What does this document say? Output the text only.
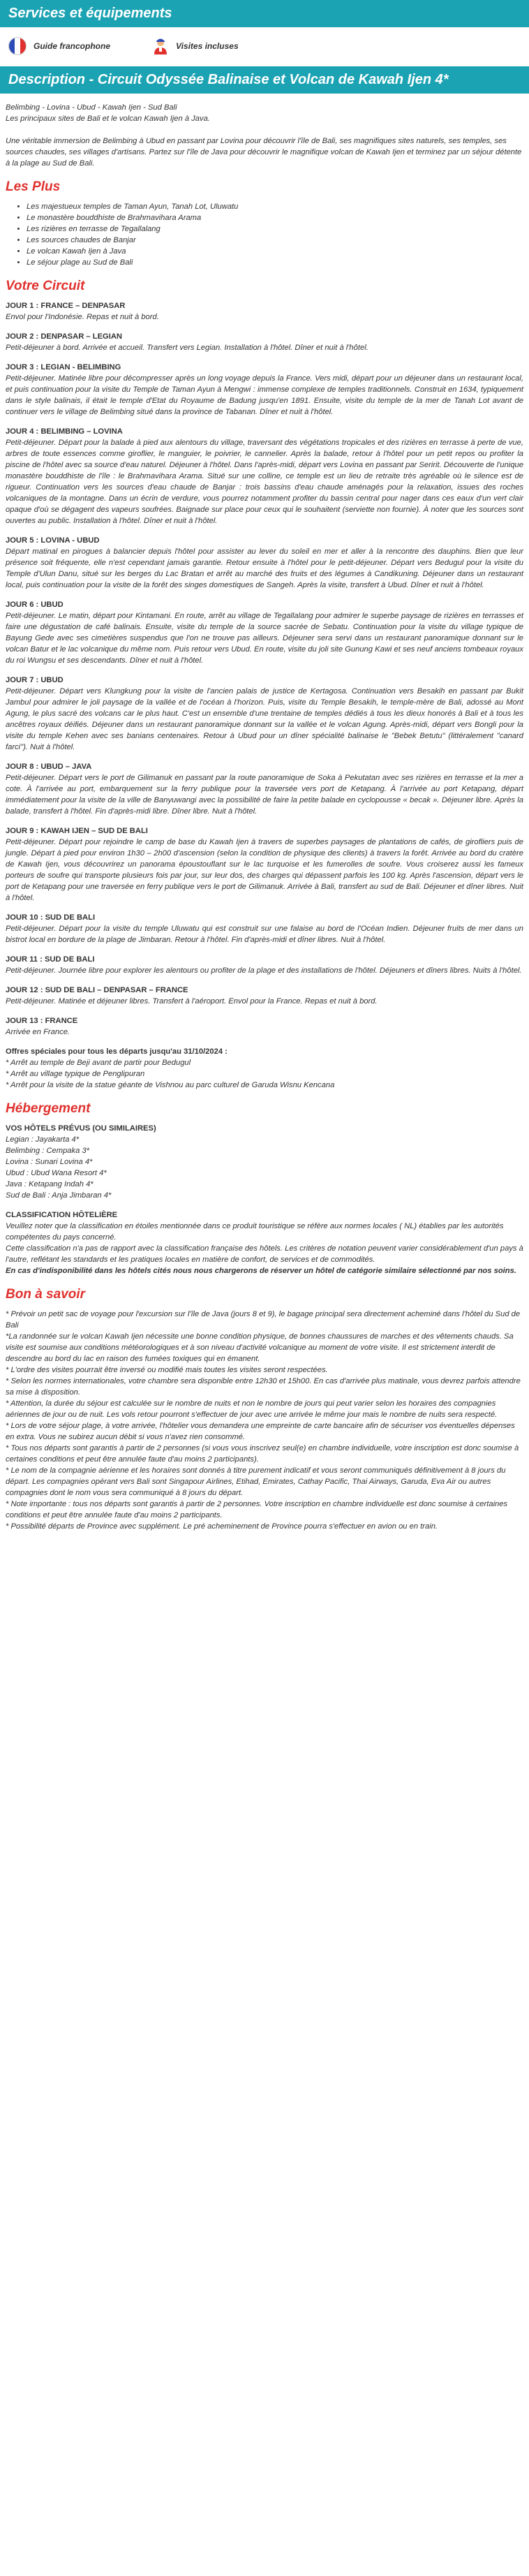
Services et équipements
Guide francophone	Visites incluses
Description - Circuit Odyssée Balinaise et Volcan de Kawah Ijen 4*

Belimbing - Lovina - Ubud - Kawah Ijen - Sud Bali

Les principaux sites de Bali et le volcan Kawah Ijen à Java.

Une véritable immersion de Belimbing à Ubud en passant par Lovina pour découvrir l'île de Bali, ses magnifiques sites naturels, ses temples, ses sources chaudes, ses villages d'artisans. Partez sur l'île de Java pour découvrir le magnifique volcan de Kawah Ijen et terminez par un séjour détente à la plage au Sud de Bali.

Les Plus
• Les majestueux temples de Taman Ayun, Tanah Lot, Uluwatu
• Le monastère bouddhiste de Brahmavihara Arama
• Les rizières en terrasse de Tegallalang
• Les sources chaudes de Banjar
• Le volcan Kawah Ijen à Java
• Le séjour plage au Sud de Bali
Votre Circuit
JOUR 1 : FRANCE – DENPASAR
Envol pour l'Indonésie. Repas et nuit à bord.
JOUR 2 : DENPASAR – LEGIAN
Petit-déjeuner à bord. Arrivée et accueil. Transfert vers Legian. Installation à l'hôtel. Dîner et nuit à l'hôtel.
JOUR 3 : LEGIAN - BELIMBING
Petit-déjeuner. Matinée libre pour décompresser après un long voyage depuis la France. Vers midi, départ pour un déjeuner dans un restaurant local, et puis continuation pour la visite du Temple de Taman Ayun à Mengwi : immense complexe de temples traditionnels. Construit en 1634, typiquement dans le style balinais, il était le temple d'Etat du Royaume de Badung jusqu'en 1891. Ensuite, visite du temple de la mer de Tanah Lot avant de continuer vers le village de Belimbing situé dans la province de Tabanan. Dîner et nuit à l'hôtel.
JOUR 4 : BELIMBING – LOVINA
Petit-déjeuner. Départ pour la balade à pied aux alentours du village, traversant des végétations tropicales et des rizières en terrasse à perte de vue, arbres de toute essences comme giroflier, le manguier, le poivrier, le cannelier. Après la balade, retour à l'hôtel pour un petit repos ou profiter la piscine de l'hôtel avec sa source d'eau naturel. Déjeuner à l'hôtel. Dans l'après-midi, départ vers Lovina en passant par Seririt. Découverte de l'unique monastère bouddhiste de l'île : le Brahmavihara Arama. Situé sur une colline, ce temple est un lieu de retraite très agréable où le silence est de rigueur. Continuation vers les sources d'eau chaude de Banjar : trois bassins d'eau chaude aménagés pour la relaxation, issues des roches volcaniques de la montagne. Dans un écrin de verdure, vous pourrez notamment profiter du bassin central pour nager dans ces eaux d'un vert clair opaque d'où se dégagent des vapeurs soufrées. Baignade sur place pour ceux qui le souhaitent (serviette non fournie). À noter que les sources sont ouvertes au public. Installation à l'hôtel. Dîner et nuit à l'hôtel.
JOUR 5 : LOVINA - UBUD
Départ matinal en pirogues à balancier depuis l'hôtel pour assister au lever du soleil en mer et aller à la rencontre des dauphins. Bien que leur présence soit fréquente, elle n'est cependant jamais garantie. Retour ensuite à l'hôtel pour le petit-déjeuner. Départ vers Bedugul pour la visite du Temple d'Ulun Danu, situé sur les berges du Lac Bratan et arrêt au marché des fruits et des légumes à Candikuning. Déjeuner dans un restaurant local, puis continuation pour la visite de la forêt des singes domestiques de Sangeh. Après la visite, transfert à Ubud. Dîner et nuit à l'hôtel.
JOUR 6 : UBUD
Petit-déjeuner. Le matin, départ pour Kintamani. En route, arrêt au village de Tegallalang pour admirer le superbe paysage de rizières en terrasses et faire une dégustation de café balinais. Ensuite, visite du temple de la source sacrée de Sebatu. Continuation pour la visite du village typique de Bayung Gede avec ses cimetières suspendus que l'on ne trouve pas ailleurs. Déjeuner sera servi dans un restaurant panoramique donnant sur le volcan Batur et le lac volcanique du même nom. Puis retour vers Ubud. En route, visite du joli site Gunung Kawi et ses neuf anciens tombeaux royaux du roi Wungsu et ses descendants. Dîner et nuit à l'hôtel.
JOUR 7 : UBUD
Petit-déjeuner. Départ vers Klungkung pour la visite de l'ancien palais de justice de Kertagosa. Continuation vers Besakih en passant par Bukit Jambul pour admirer le joli paysage de la vallée et de l'océan à l'horizon. Puis, visite du Temple Besakih, le temple-mère de Bali, adossé au Mont Agung, le plus sacré des volcans car le plus haut. C'est un ensemble d'une trentaine de temples dédiés à tous les dieux honorés à Bali et à tous les ancêtres royaux déifiés. Déjeuner dans un restaurant panoramique donnant sur la vallée et le volcan Agung. Après-midi, départ vers Bongli pour la visite du temple Kehen avec ses banians centenaires. Retour à Ubud pour un dîner spécialité balinaise le "Bebek Betutu" (littéralement "canard farci"). Nuit à l'hôtel.
JOUR 8 : UBUD – JAVA
Petit-déjeuner. Départ vers le port de Gilimanuk en passant par la route panoramique de Soka à Pekutatan avec ses rizières en terrasse et la mer a cote. À l'arrivée au port, embarquement sur la ferry publique pour la traversée vers port de Ketapang. À l'arrivée au port Ketapang, départ immédiatement pour la visite de la ville de Banyuwangi avec la possibilité de faire la petite balade en cyclopousse « becak ». Déjeuner libre. Après la balade, transfert à l'hôtel. Fin d'après-midi libre. Dîner libre. Nuit à l'hôtel.
JOUR 9 : KAWAH IJEN – SUD DE BALI
Petit-déjeuner. Départ pour rejoindre le camp de base du Kawah Ijen à travers de superbes paysages de plantations de cafés, de girofliers puis de jungle. Départ à pied pour environ 1h30 – 2h00 d'ascension (selon la condition de physique des clients) à travers la forêt. Arrivée au bord du cratère de Kawah Ijen, vous découvrirez un panorama époustouflant sur le lac turquoise et les fumerolles de soufre. Vous croiserez aussi les fameux porteurs de soufre qui transporte plusieurs fois par jour, sur leur dos, des charges qui dépassent parfois les 100 kg. Après l'ascension, départ vers le port de Ketapang pour une traversée en ferry publique vers le port de Gilimanuk. Arrivée à Bali, transfert au sud de Bali. Déjeuner et dîner libres. Nuit à l'hôtel.
JOUR 10 : SUD DE BALI
Petit-déjeuner. Départ pour la visite du temple Uluwatu qui est construit sur une falaise au bord de l'Océan Indien. Déjeuner fruits de mer dans un bistrot local en bordure de la plage de Jimbaran. Retour à l'hôtel. Fin d'après-midi et dîner libres. Nuit à l'hôtel.
JOUR 11 : SUD DE BALI
Petit-déjeuner. Journée libre pour explorer les alentours ou profiter de la plage et des installations de l'hôtel. Déjeuners et dîners libres. Nuits à l'hôtel.
JOUR 12 : SUD DE BALI – DENPASAR – FRANCE
Petit-déjeuner. Matinée et déjeuner libres. Transfert à l'aéroport. Envol pour la France. Repas et nuit à bord.
JOUR 13 : FRANCE
Arrivée en France.
Offres spéciales pour tous les départs jusqu'au 31/10/2024 :

* Arrêt au temple de Beji avant de partir pour Bedugul

* Arrêt au village typique de Penglipuran

* Arrêt pour la visite de la statue géante de Vishnou au parc culturel de Garuda Wisnu Kencana

Hébergement
VOS HÔTELS PRÉVUS (OU SIMILAIRES)

Legian : Jayakarta 4*

Belimbing : Cempaka 3*

Lovina : Sunari Lovina 4*

Ubud : Ubud Wana Resort 4*

Java : Ketapang Indah 4*

Sud de Bali : Anja Jimbaran 4*

CLASSIFICATION HÔTELIÈRE

Veuillez noter que la classification en étoiles mentionnée dans ce produit touristique se réfère aux normes locales ( NL) établies par les autorités compétentes du pays concerné.

Cette classification n'a pas de rapport avec la classification française des hôtels. Les critères de notation peuvent varier considérablement d'un pays à l'autre, reflétant les standards et les pratiques locales en matière de confort, de services et de commodités.

En cas d'indisponibilité dans les hôtels cités nous nous chargerons de réserver un hôtel de catégorie similaire sélectionné par nos soins.

Bon à savoir

* Prévoir un petit sac de voyage pour l'excursion sur l'île de Java (jours 8 et 9), le bagage principal sera directement acheminé dans l'hôtel du Sud de Bali

*La randonnée sur le volcan Kawah Ijen nécessite une bonne condition physique, de bonnes chaussures de marches et des vêtements chauds. Sa visite est soumise aux conditions météorologiques et à son niveau d'activité volcanique au moment de votre visite. Il est strictement interdit de descendre au bord du lac en raison des fumées toxiques qui en émanent.

* L'ordre des visites pourrait être inversé ou modifié mais toutes les visites seront respectées.

* Selon les normes internationales, votre chambre sera disponible entre 12h30 et 15h00. En cas d'arrivée plus matinale, vous devrez parfois attendre sa mise à disposition.

* Attention, la durée du séjour est calculée sur le nombre de nuits et non le nombre de jours qui peut varier selon les horaires des compagnies aériennes de jour ou de nuit. Les vols retour pourront s'effectuer de jour avec une arrivée le même jour mais le nombre de nuits sera respecté.

* Lors de votre séjour plage, à votre arrivée, l'hôtelier vous demandera une empreinte de carte bancaire afin de sécuriser vos éventuelles dépenses en extra. Vous ne subirez aucun débit si vous n'avez rien consommé.

* Tous nos départs sont garantis à partir de 2 personnes (si vous vous inscrivez seul(e) en chambre individuelle, votre inscription est donc soumise à certaines conditions et peut être annulée faute d'au moins 2 participants).

* Le nom de la compagnie aérienne et les horaires sont donnés à titre purement indicatif et vous seront communiqués définitivement à 8 jours du départ. Les compagnies opérant vers Bali sont Singapour Airlines, Etihad, Emirates, Cathay Pacific, Thai Airways, Garuda, Eva Air ou autres compagnies dont le nom vous sera communiqué à 8 jours du départ.

* Note importante : tous nos départs sont garantis à partir de 2 personnes. Votre inscription en chambre individuelle est donc soumise à certaines conditions et peut être annulée faute d'au moins 2 participants.

* Possibilité départs de Province avec supplément. Le pré acheminement de Province pourra s'effectuer en avion ou en train.
